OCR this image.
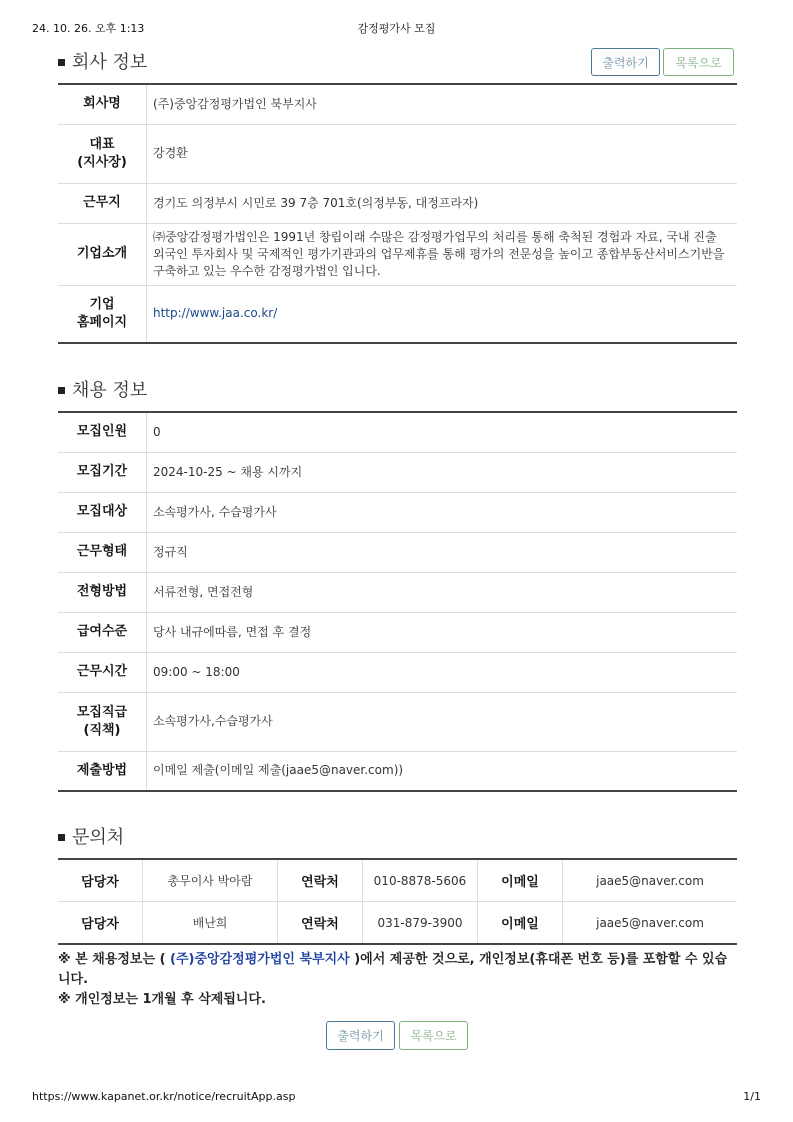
24. 10. 26. 오후 1:13	감정평가사 모집
회사 정보	출력하기	목록으로
회사명	(주)중앙감정평가법인 북부지사

대표
(지사장)	강경환
근무지	경기도 의정부시 시민로 39 7층 701호(의정부동, 대정프라자)
기업소개	㈜중앙감정평가법인은 1991년 창립이래 수많은 감정평가업무의 처리를 통해 축척된 경험과 자료, 국내 진출 외국인 투자회사 및 국제적인 평가기관과의 업무제휴를 통해 평가의 전문성을 높이고 종합부동산서비스기반을 구축하고 있는 우수한 감정평가법인 입니다.

기업
홈페이지	http://www.jaa.co.kr/
채용 정보
모집인원	0
모집기간	2024-10-25 ~ 채용 시까지
모집대상	소속평가사, 수습평가사
근무형태	정규직
전형방법	서류전형, 면접전형
급여수준	당사 내규에따름, 면접 후 결정
근무시간	09:00 ~ 18:00

모집직급
(직책)	소속평가사,수습평가사
제출방법	이메일 제출(이메일 제출(jaae5@naver.com))
문의처
담당자	총무이사 박아람	연락처	010-8878-5606	이메일	jaae5@naver.com
담당자	배난희	연락처	031-879-3900	이메일	jaae5@naver.com
※ 본 채용정보는 ( (주)중앙감정평가법인 북부지사 )에서 제공한 것으로, 개인정보(휴대폰 번호 등)를 포함할 수 있습니다.
※ 개인정보는 1개월 후 삭제됩니다.
출력하기	목록으로
https://www.kapanet.or.kr/notice/recruitApp.asp	1/1
